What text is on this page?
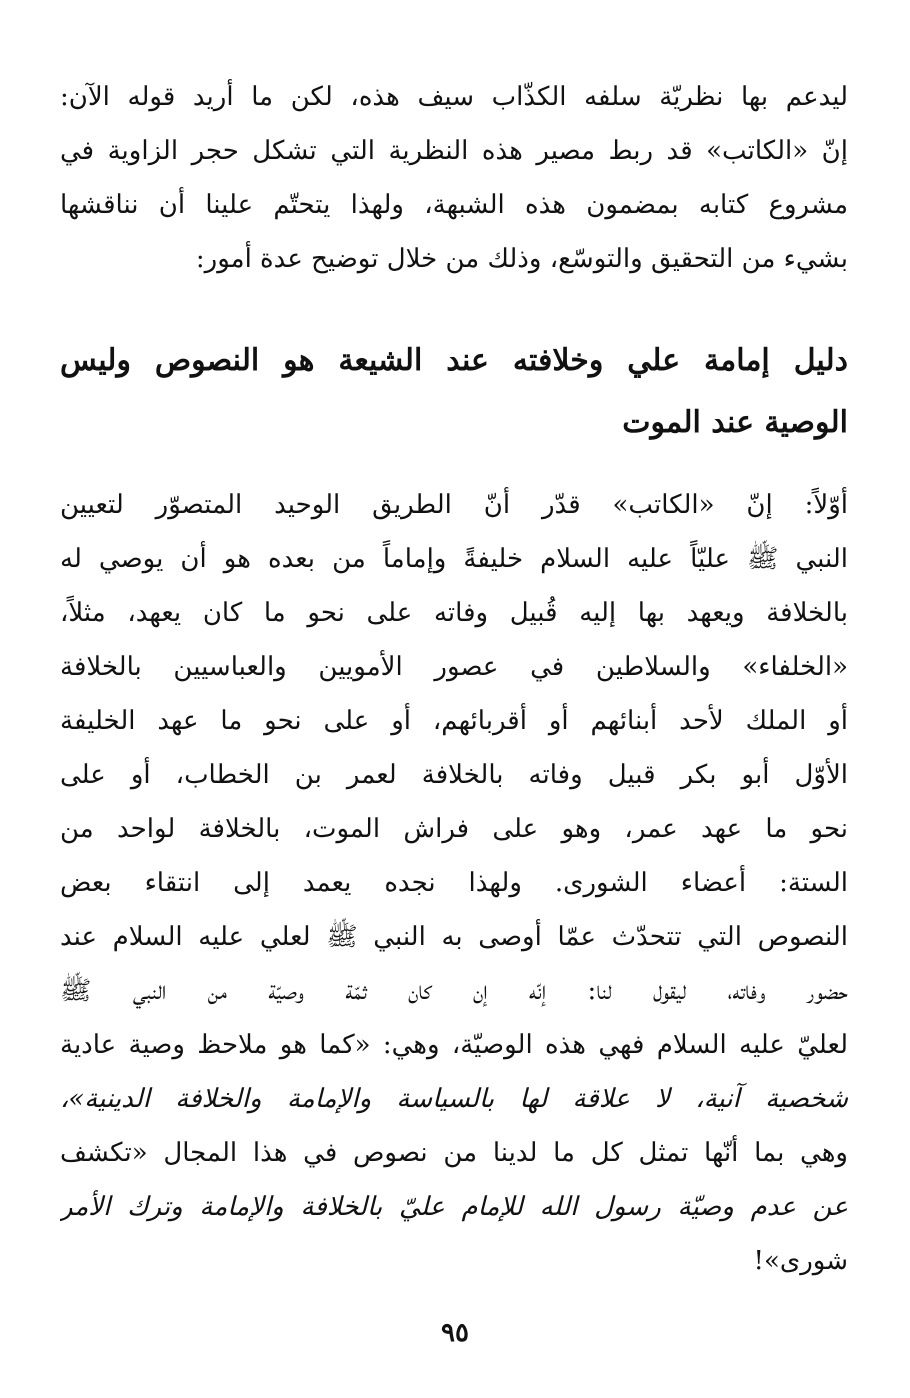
ليدعم بها نظريّة سلفه الكذّاب سيف هذه، لكن ما أريد قوله الآن:
إنّ «الكاتب» قد ربط مصير هذه النظرية التي تشكل حجر الزاوية في
مشروع كتابه بمضمون هذه الشبهة، ولهذا يتحتّم علينا أن نناقشها
بشيء من التحقيق والتوسّع، وذلك من خلال توضيح عدة أمور:
دليل إمامة علي وخلافته عند الشيعة هو النصوص وليس
الوصية عند الموت
أوّلاً: إنّ «الكاتب» قدّر أنّ الطريق الوحيد المتصوّر لتعيين
النبي ﷺ عليّاً عليه السلام خليفةً وإماماً من بعده هو أن يوصي له
بالخلافة ويعهد بها إليه قُبيل وفاته على نحو ما كان يعهد، مثلاً،
«الخلفاء» والسلاطين في عصور الأمويين والعباسيين بالخلافة
أو الملك لأحد أبنائهم أو أقربائهم، أو على نحو ما عهد الخليفة
الأوّل أبو بكر قبيل وفاته بالخلافة لعمر بن الخطاب، أو على
نحو ما عهد عمر، وهو على فراش الموت، بالخلافة لواحد من
الستة: أعضاء الشورى. ولهذا نجده يعمد إلى انتقاء بعض
النصوص التي تتحدّث عمّا أوصى به النبي ﷺ لعلي عليه السلام عند
حضور وفاته، ليقول لنا: إنّه إن كان ثمّة وصيّة من النبي ﷺ
لعليّ عليه السلام فهي هذه الوصيّة، وهي: «كما هو ملاحظ وصية عادية
شخصية آنية، لا علاقة لها بالسياسة والإمامة والخلافة الدينية»،
وهي بما أنّها تمثل كل ما لدينا من نصوص في هذا المجال «تكشف
عن عدم وصيّة رسول الله للإمام عليّ بالخلافة والإمامة وترك الأمر
شورى»!
٩٥
